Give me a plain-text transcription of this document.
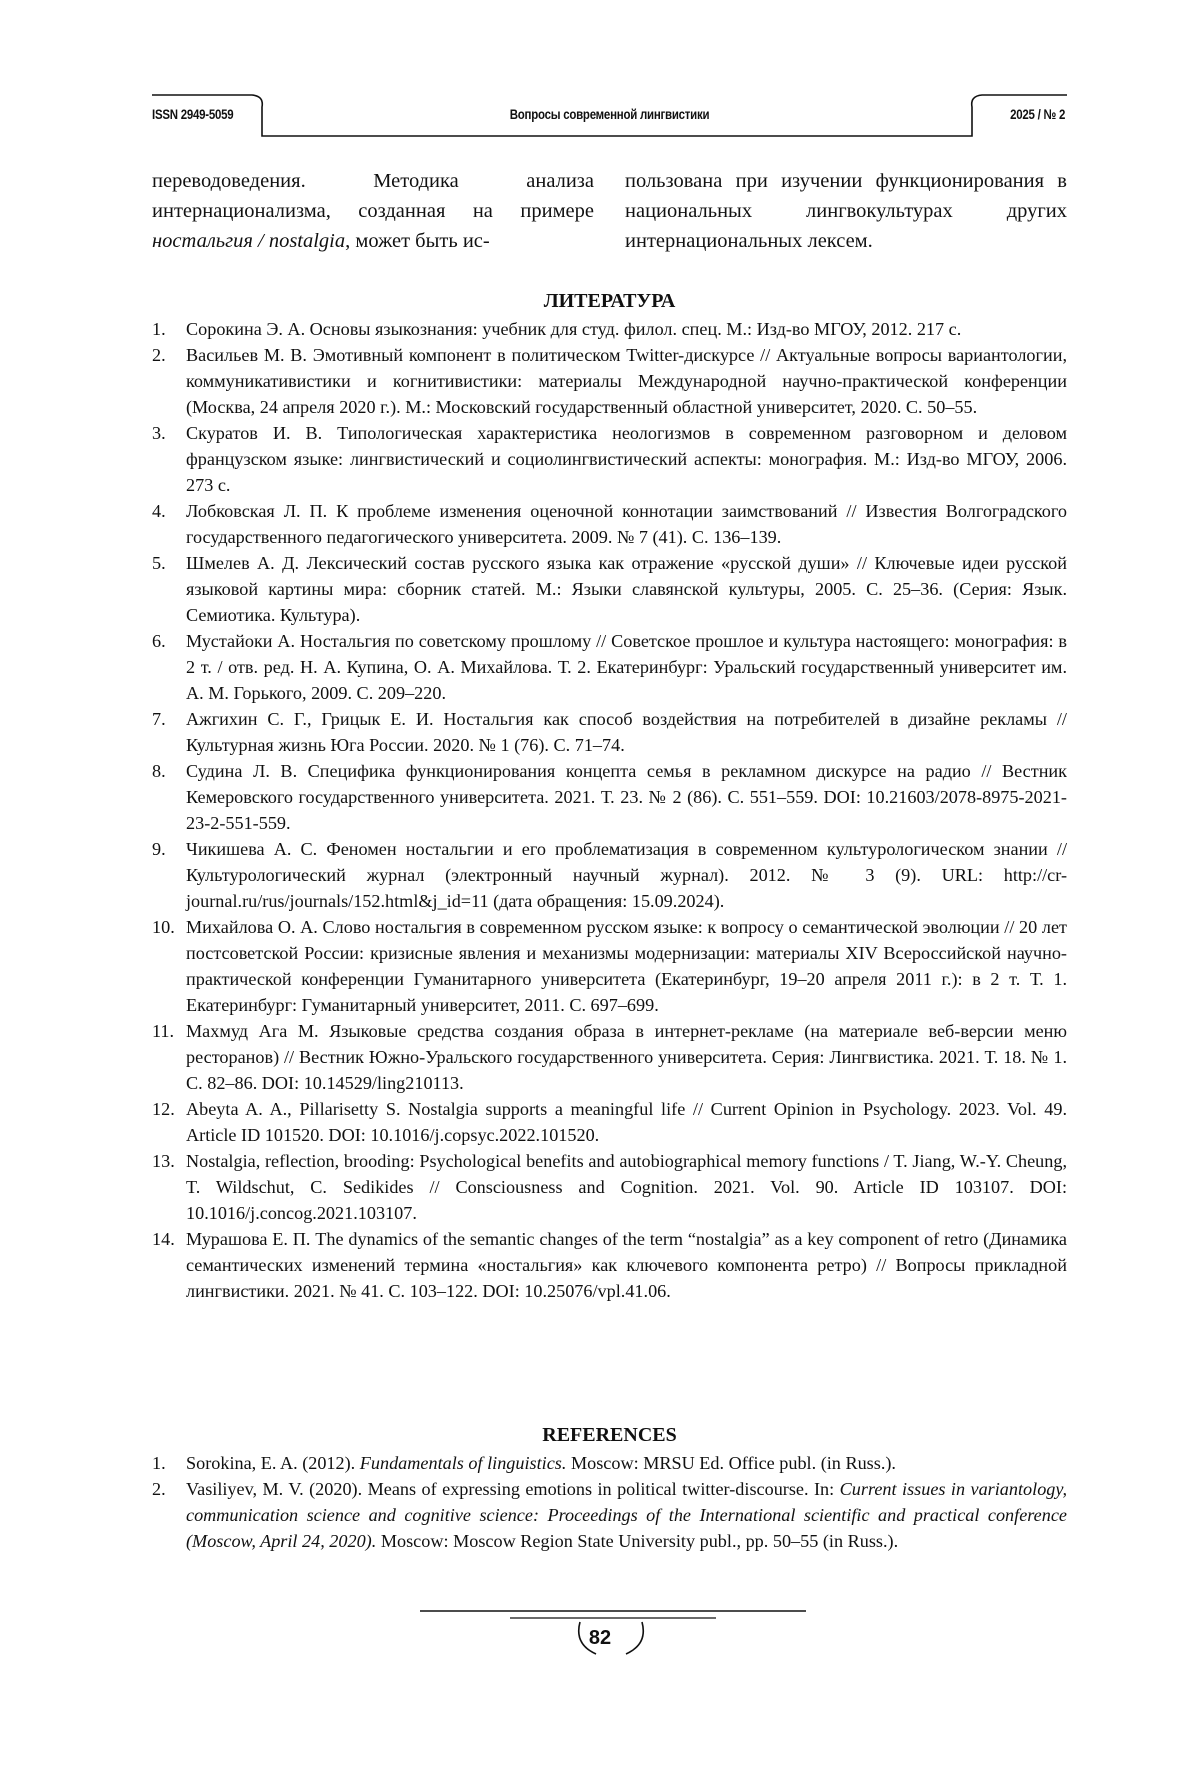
ISSN 2949-5059	Вопросы современной лингвистики	2025 / № 2

переводоведения. Методика анализа интернационализма, созданная на примере ностальгия / nostalgia, может быть ис-

пользована при изучении функционирования в национальных лингвокультурах других интернациональных лексем.

ЛИТЕРАТУРА
1. Сорокина Э. А. Основы языкознания: учебник для студ. филол. спец. М.: Изд-во МГОУ, 2012. 217 с.
2. Васильев М. В. Эмотивный компонент в политическом Twitter-дискурсе // Актуальные вопросы вариантологии, коммуникативистики и когнитивистики: материалы Международной научно-практической конференции (Москва, 24 апреля 2020 г.). М.: Московский государственный областной университет, 2020. С. 50–55.
3. Скуратов И. В. Типологическая характеристика неологизмов в современном разговорном и деловом французском языке: лингвистический и социолингвистический аспекты: монография. М.: Изд-во МГОУ, 2006. 273 с.
4. Лобковская Л. П. К проблеме изменения оценочной коннотации заимствований // Известия Волгоградского государственного педагогического университета. 2009. № 7 (41). С. 136–139.
5. Шмелев А. Д. Лексический состав русского языка как отражение «русской души» // Ключевые идеи русской языковой картины мира: сборник статей. М.: Языки славянской культуры, 2005. С. 25–36. (Серия: Язык. Семиотика. Культура).
6. Мустайоки А. Ностальгия по советскому прошлому // Советское прошлое и культура настоящего: монография: в 2 т. / отв. ред. Н. А. Купина, О. А. Михайлова. Т. 2. Екатеринбург: Уральский государственный университет им. А. М. Горького, 2009. С. 209–220.
7. Ажгихин С. Г., Грицык Е. И. Ностальгия как способ воздействия на потребителей в дизайне рекламы // Культурная жизнь Юга России. 2020. № 1 (76). С. 71–74.
8. Судина Л. В. Специфика функционирования концепта семья в рекламном дискурсе на радио // Вестник Кемеровского государственного университета. 2021. Т. 23. № 2 (86). С. 551–559. DOI: 10.21603/2078-8975-2021-23-2-551-559.
9. Чикишева А. С. Феномен ностальгии и его проблематизация в современном культурологическом знании // Культурологический журнал (электронный научный журнал). 2012. № 3 (9). URL: http://cr-journal.ru/rus/journals/152.html&j_id=11 (дата обращения: 15.09.2024).
10. Михайлова О. А. Слово ностальгия в современном русском языке: к вопросу о семантической эволюции // 20 лет постсоветской России: кризисные явления и механизмы модернизации: материалы XIV Всероссийской научно-практической конференции Гуманитарного университета (Екатеринбург, 19–20 апреля 2011 г.): в 2 т. Т. 1. Екатеринбург: Гуманитарный университет, 2011. С. 697–699.
11. Махмуд Ага М. Языковые средства создания образа в интернет-рекламе (на материале веб-версии меню ресторанов) // Вестник Южно-Уральского государственного университета. Серия: Лингвистика. 2021. Т. 18. № 1. С. 82–86. DOI: 10.14529/ling210113.
12. Abeyta A. A., Pillarisetty S. Nostalgia supports a meaningful life // Current Opinion in Psychology. 2023. Vol. 49. Article ID 101520. DOI: 10.1016/j.copsyc.2022.101520.
13. Nostalgia, reflection, brooding: Psychological benefits and autobiographical memory functions / T. Jiang, W.-Y. Cheung, T. Wildschut, C. Sedikides // Consciousness and Cognition. 2021. Vol. 90. Article ID 103107. DOI: 10.1016/j.concog.2021.103107.
14. Мурашова Е. П. The dynamics of the semantic changes of the term “nostalgia” as a key component of retro (Динамика семантических изменений термина «ностальгия» как ключевого компонента ретро) // Вопросы прикладной лингвистики. 2021. № 41. С. 103–122. DOI: 10.25076/vpl.41.06.
REFERENCES
1. Sorokina, E. A. (2012). Fundamentals of linguistics. Moscow: MRSU Ed. Office publ. (in Russ.).
2. Vasiliyev, M. V. (2020). Means of expressing emotions in political twitter-discourse. In: Current issues in variantology, communication science and cognitive science: Proceedings of the International scientific and practical conference (Moscow, April 24, 2020). Moscow: Moscow Region State University publ., pp. 50–55 (in Russ.).
82
